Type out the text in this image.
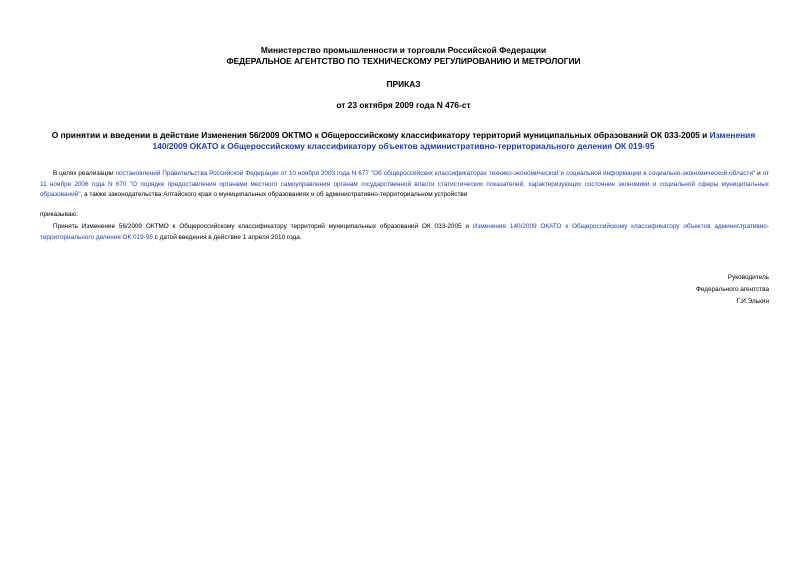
Министерство промышленности и торговли Российской Федерации
ФЕДЕРАЛЬНОЕ АГЕНТСТВО ПО ТЕХНИЧЕСКОМУ РЕГУЛИРОВАНИЮ И МЕТРОЛОГИИ
ПРИКАЗ
от 23 октября 2009 года N 476-ст
О принятии и введении в действие Изменения 56/2009 ОКТМО к Общероссийскому классификатору территорий муниципальных образований ОК 033-2005 и Изменения 140/2009 ОКАТО к Общероссийскому классификатору объектов административно-территориального деления ОК 019-95
В целях реализации постановлений Правительства Российской Федерации от 10 ноября 2003 года N 677 "Об общероссийских классификаторах технико-экономической и социальной информации в социально-экономической области" и от 11 ноября 2006 года N 670 "О порядке предоставления органами местного самоуправления органам государственной власти статистических показателей, характеризующих состояние экономики и социальной сферы муниципальных образований", а также законодательства Алтайского края о муниципальных образованиях и об административно-территориальном устройстве
приказываю:
Принять Изменение 56/2009 ОКТМО к Общероссийскому классификатору территорий муниципальных образований ОК 033-2005 и Изменение 140/2009 ОКАТО к Общероссийскому классификатору объектов административно-территориального деления ОК 019-95 с датой введения в действие 1 апреля 2010 года.
Руководитель
Федерального агентства
Г.И.Элькин
